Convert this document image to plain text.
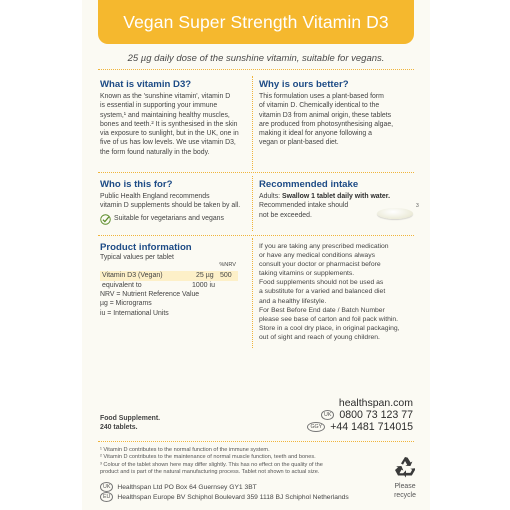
Vegan Super Strength Vitamin D3
25 µg daily dose of the sunshine vitamin, suitable for vegans.
What is vitamin D3?

Known as the 'sunshine vitamin', vitamin D

is essential in supporting your immune

system,¹ and maintaining healthy muscles,

bones and teeth.² It is synthesised in the skin

via exposure to sunlight, but in the UK, one in

five of us has low levels. We use vitamin D3,

the form found naturally in the body.

Why is ours better?

This formulation uses a plant-based form

of vitamin D. Chemically identical to the

vitamin D3 from animal origin, these tablets

are produced from photosynthesising algae,

making it ideal for anyone following a

vegan or plant-based diet.

Who is this for?

Public Health England recommends

vitamin D supplements should be taken by all.

Suitable for vegetarians and vegans
Recommended intake
Adults: Swallow 1 tablet daily with water.

Recommended intake should

not be exceeded.

3
Product information

Typical values per tablet

%NRV
Vitamin D3 (Vegan)	25 µg 500
equivalent to	1000 iu

NRV = Nutrient Reference Value

µg = Micrograms

iu = International Units

If you are taking any prescribed medication

or have any medical conditions always

consult your doctor or pharmacist before

taking vitamins or supplements.

Food supplements should not be used as

a substitute for a varied and balanced diet

and a healthy lifestyle.

For Best Before End date / Batch Number

please see base of carton and foil pack within.

Store in a cool dry place, in original packaging,

out of sight and reach of young children.

Food Supplement.
240 tablets.
healthspan.com
UK 0800 73 123 77
GGY +44 1481 714015
¹ Vitamin D contributes to the normal function of the immune system.
² Vitamin D contributes to the maintenance of normal muscle function, teeth and bones.
³ Colour of the tablet shown here may differ slightly. This has no effect on the quality of the
product and is part of the natural manufacturing process. Tablet not shown to actual size.
UK	Healthspan Ltd PO Box 64 Guernsey GY1 3BT
EU	Healthspan Europe BV Schiphol Boulevard 359 1118 BJ Schiphol Netherlands
Please
recycle
